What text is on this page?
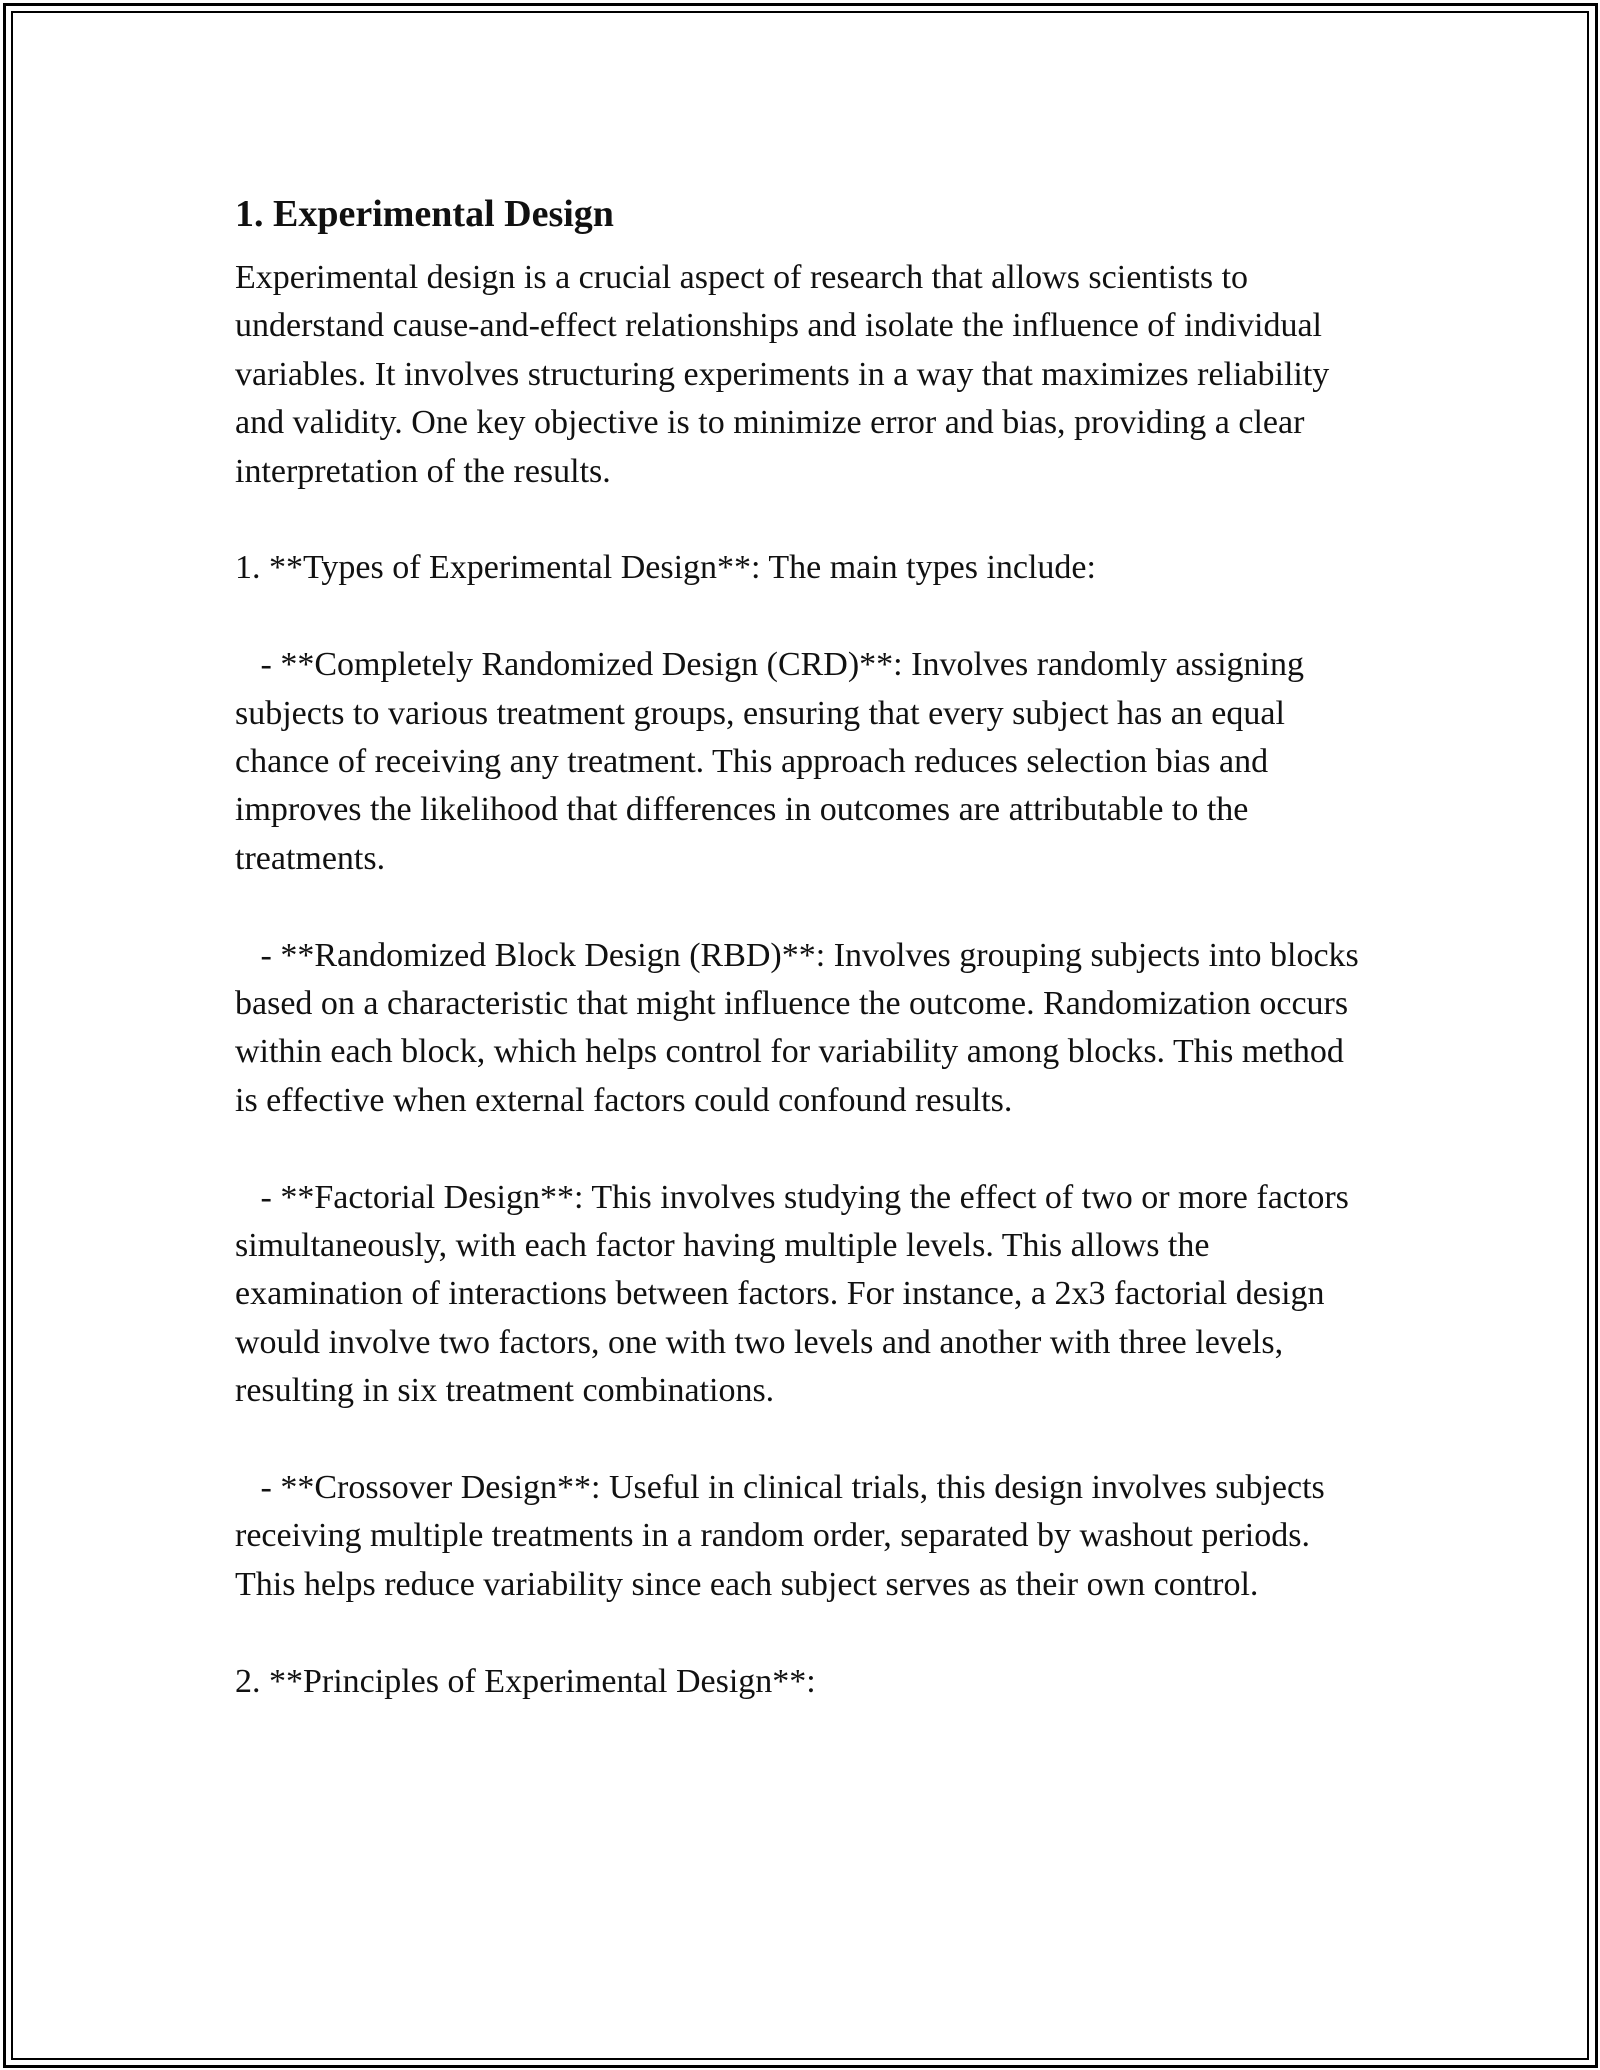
1. Experimental Design

Experimental design is a crucial aspect of research that allows scientists to understand cause-and-effect relationships and isolate the influence of individual variables. It involves structuring experiments in a way that maximizes reliability and validity. One key objective is to minimize error and bias, providing a clear interpretation of the results.

1. **Types of Experimental Design**: The main types include:

- **Completely Randomized Design (CRD)**: Involves randomly assigning subjects to various treatment groups, ensuring that every subject has an equal chance of receiving any treatment. This approach reduces selection bias and improves the likelihood that differences in outcomes are attributable to the treatments.

- **Randomized Block Design (RBD)**: Involves grouping subjects into blocks based on a characteristic that might influence the outcome. Randomization occurs within each block, which helps control for variability among blocks. This method is effective when external factors could confound results.

- **Factorial Design**: This involves studying the effect of two or more factors simultaneously, with each factor having multiple levels. This allows the examination of interactions between factors. For instance, a 2x3 factorial design would involve two factors, one with two levels and another with three levels, resulting in six treatment combinations.

- **Crossover Design**: Useful in clinical trials, this design involves subjects receiving multiple treatments in a random order, separated by washout periods. This helps reduce variability since each subject serves as their own control.

2. **Principles of Experimental Design**:
